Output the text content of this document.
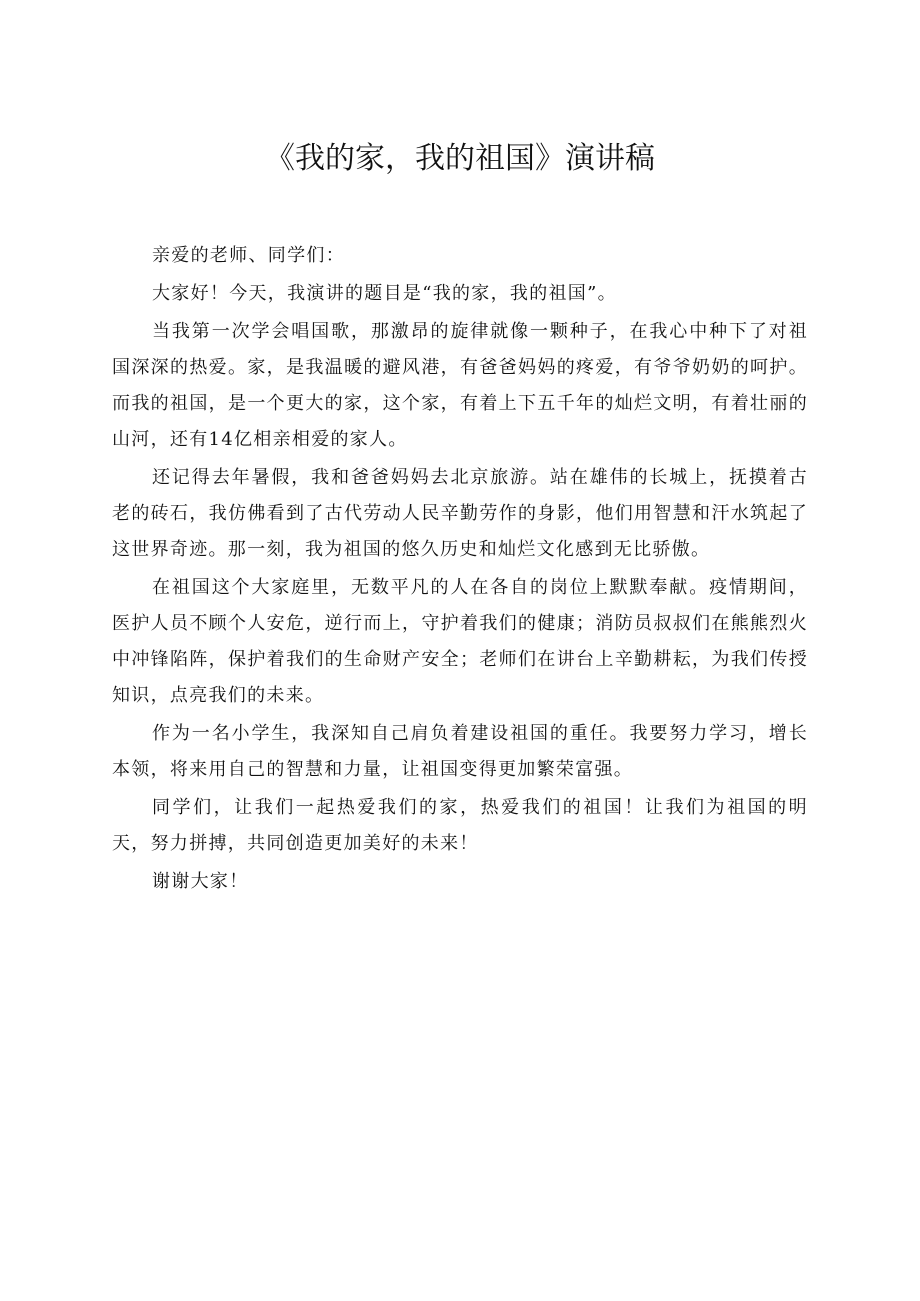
《我的家，我的祖国》演讲稿

亲爱的老师、同学们：

大家好！今天，我演讲的题目是“我的家，我的祖国”。

当我第一次学会唱国歌，那激昂的旋律就像一颗种子，在我心中种下了对祖国深深的热爱。家，是我温暖的避风港，有爸爸妈妈的疼爱，有爷爷奶奶的呵护。而我的祖国，是一个更大的家，这个家，有着上下五千年的灿烂文明，有着壮丽的山河，还有14亿相亲相爱的家人。

还记得去年暑假，我和爸爸妈妈去北京旅游。站在雄伟的长城上，抚摸着古老的砖石，我仿佛看到了古代劳动人民辛勤劳作的身影，他们用智慧和汗水筑起了这世界奇迹。那一刻，我为祖国的悠久历史和灿烂文化感到无比骄傲。

在祖国这个大家庭里，无数平凡的人在各自的岗位上默默奉献。疫情期间，医护人员不顾个人安危，逆行而上，守护着我们的健康；消防员叔叔们在熊熊烈火中冲锋陷阵，保护着我们的生命财产安全；老师们在讲台上辛勤耕耘，为我们传授知识，点亮我们的未来。

作为一名小学生，我深知自己肩负着建设祖国的重任。我要努力学习，增长本领，将来用自己的智慧和力量，让祖国变得更加繁荣富强。

同学们，让我们一起热爱我们的家，热爱我们的祖国！让我们为祖国的明天，努力拼搏，共同创造更加美好的未来！

谢谢大家！
